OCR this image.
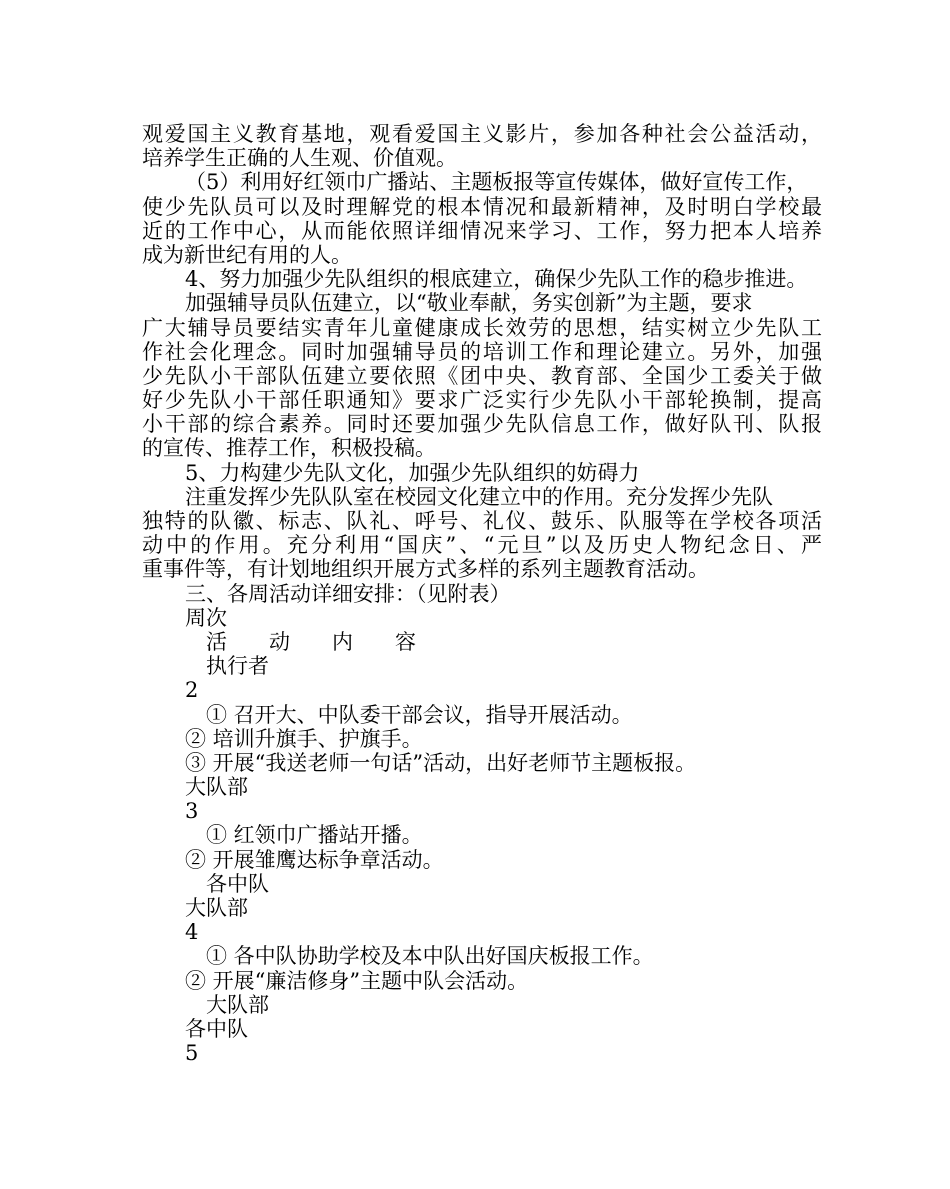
观爱国主义教育基地，观看爱国主义影片，参加各种社会公益活动，
培养学生正确的人生观、价值观。
（5）利用好红领巾广播站、主题板报等宣传媒体，做好宣传工作，
使少先队员可以及时理解党的根本情况和最新精神，及时明白学校最
近的工作中心，从而能依照详细情况来学习、工作，努力把本人培养
成为新世纪有用的人。
4、努力加强少先队组织的根底建立，确保少先队工作的稳步推进。
加强辅导员队伍建立，以“敬业奉献，务实创新”为主题，要求
广大辅导员要结实青年儿童健康成长效劳的思想，结实树立少先队工
作社会化理念。同时加强辅导员的培训工作和理论建立。另外，加强
少先队小干部队伍建立要依照《团中央、教育部、全国少工委关于做
好少先队小干部任职通知》要求广泛实行少先队小干部轮换制，提高
小干部的综合素养。同时还要加强少先队信息工作，做好队刊、队报
的宣传、推荐工作，积极投稿。
5、力构建少先队文化，加强少先队组织的妨碍力
注重发挥少先队队室在校园文化建立中的作用。充分发挥少先队
独特的队徽、标志、队礼、呼号、礼仪、鼓乐、队服等在学校各项活
动中的作用。充分利用“国庆”、“元旦”以及历史人物纪念日、严
重事件等，有计划地组织开展方式多样的系列主题教育活动。
三、各周活动详细安排：（见附表）
周次
活　　动　　内　　容
执行者
2
① 召开大、中队委干部会议，指导开展活动。
② 培训升旗手、护旗手。
③ 开展“我送老师一句话”活动，出好老师节主题板报。
大队部
3
① 红领巾广播站开播。
② 开展雏鹰达标争章活动。
各中队
大队部
4
① 各中队协助学校及本中队出好国庆板报工作。
② 开展“廉洁修身”主题中队会活动。
大队部
各中队
5
